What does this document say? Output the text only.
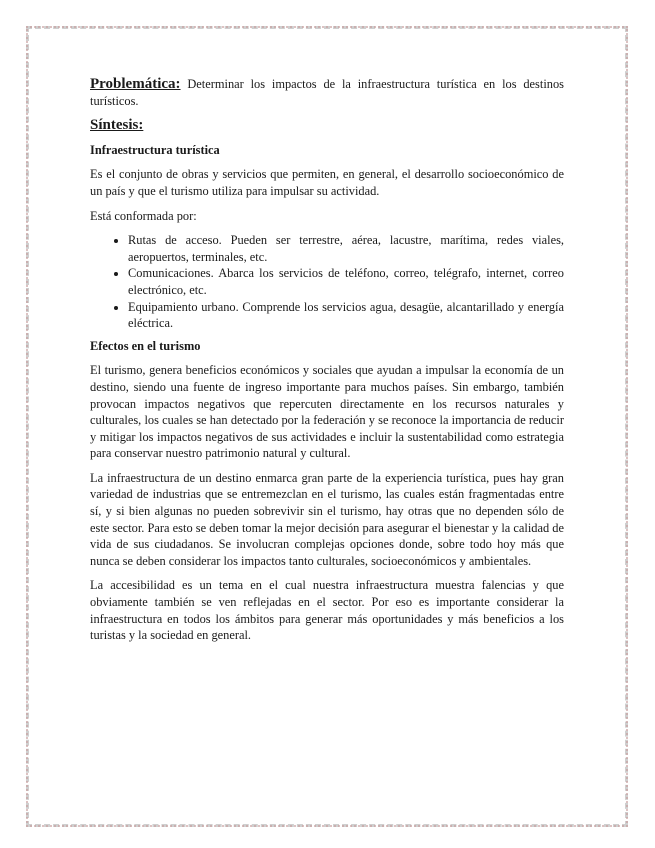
Problemática: Determinar los impactos de la infraestructura turística en los destinos turísticos.

Síntesis:

Infraestructura turística

Es el conjunto de obras y servicios que permiten, en general, el desarrollo socioeconómico de un país y que el turismo utiliza para impulsar su actividad.

Está conformada por:

• Rutas de acceso. Pueden ser terrestre, aérea, lacustre, marítima, redes viales, aeropuertos, terminales, etc.
• Comunicaciones. Abarca los servicios de teléfono, correo, telégrafo, internet, correo electrónico, etc.
• Equipamiento urbano. Comprende los servicios agua, desagüe, alcantarillado y energía eléctrica.
Efectos en el turismo

El turismo, genera beneficios económicos y sociales que ayudan a impulsar la economía de un destino, siendo una fuente de ingreso importante para muchos países. Sin embargo, también provocan impactos negativos que repercuten directamente en los recursos naturales y culturales, los cuales se han detectado por la federación y se reconoce la importancia de reducir y mitigar los impactos negativos de sus actividades e incluir la sustentabilidad como estrategia para conservar nuestro patrimonio natural y cultural.

La infraestructura de un destino enmarca gran parte de la experiencia turística, pues hay gran variedad de industrias que se entremezclan en el turismo, las cuales están fragmentadas entre sí, y si bien algunas no pueden sobrevivir sin el turismo, hay otras que no dependen sólo de este sector. Para esto se deben tomar la mejor decisión para asegurar el bienestar y la calidad de vida de sus ciudadanos. Se involucran complejas opciones donde, sobre todo hoy más que nunca se deben considerar los impactos tanto culturales, socioeconómicos y ambientales.

La accesibilidad es un tema en el cual nuestra infraestructura muestra falencias y que obviamente también se ven reflejadas en el sector. Por eso es importante considerar la infraestructura en todos los ámbitos para generar más oportunidades y más beneficios a los turistas y la sociedad en general.
